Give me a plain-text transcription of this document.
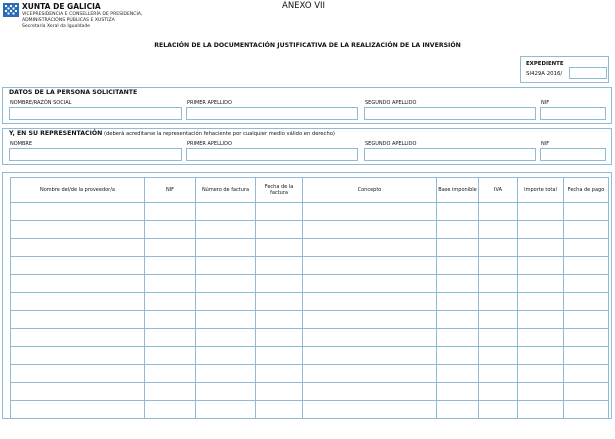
XUNTA DE GALICIA
VICEPRESIDENCIA E CONSELLERÍA DE PRESIDENCIA,
ADMINISTRACIÓNS PÚBLICAS E XUSTIZA
Secretaría Xeral da Igualdade
ANEXO VII
RELACIÓN DE LA DOCUMENTACIÓN JUSTIFICATIVA DE LA REALIZACIÓN DE LA INVERSIÓN
EXPEDIENTE
SI429A 2016/
DATOS DE LA PERSONA SOLICITANTE
NOMBRE/RAZÓN SOCIAL	PRIMER APELLIDO	SEGUNDO APELLIDO	NIF
Y, EN SU REPRESENTACIÓN (deberá acreditarse la representación fehaciente por cualquier medio válido en derecho)
NOMBRE	PRIMER APELLIDO	SEGUNDO APELLIDO	NIF
Nombre del/de la proveedor/a	NIF	Número de factura	Fecha de la factura	Concepto	Base imponible	IVA	Importe total	Fecha de pago
